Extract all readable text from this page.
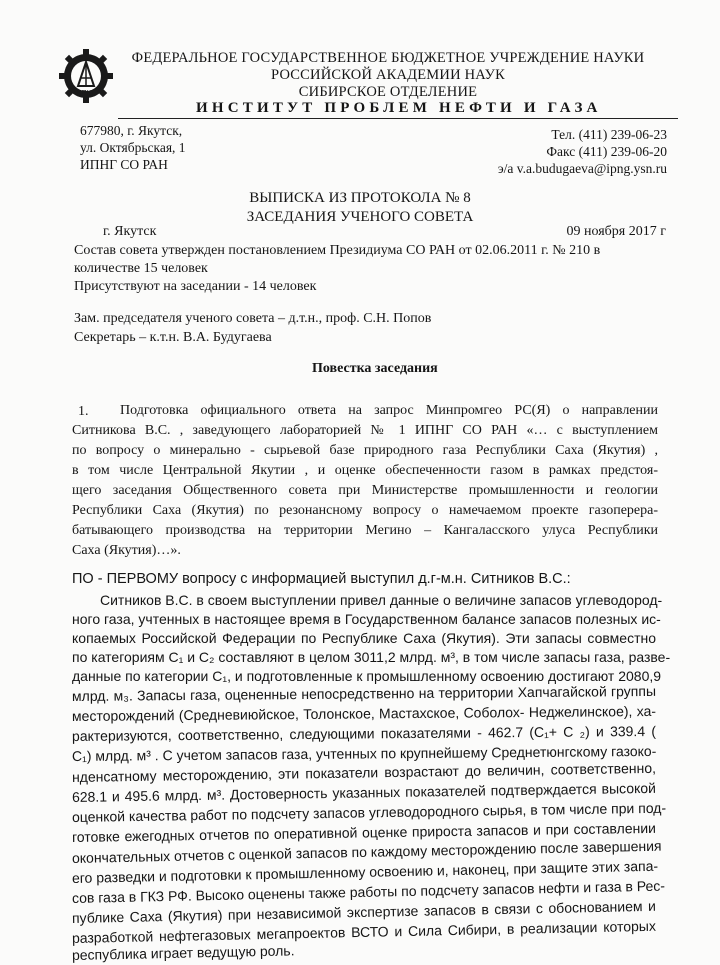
ИПНГ
ФЕДЕРАЛЬНОЕ ГОСУДАРСТВЕННОЕ БЮДЖЕТНОЕ УЧРЕЖДЕНИЕ НАУКИ
РОССИЙСКОЙ АКАДЕМИИ НАУК
СИБИРСКОЕ ОТДЕЛЕНИЕ
ИНСТИТУТ ПРОБЛЕМ НЕФТИ И ГАЗА
677980, г. Якутск,
ул. Октябрьская, 1
ИПНГ СО РАН
Тел. (411) 239-06-23
Факс (411) 239-06-20
э/а v.a.budugaeva@ipng.ysn.ru
ВЫПИСКА ИЗ ПРОТОКОЛА № 8
ЗАСЕДАНИЯ УЧЕНОГО СОВЕТА
г. Якутск	09 ноября 2017 г
Состав совета утвержден постановлением Президиума СО РАН от 02.06.2011 г. № 210 в
количестве 15 человек
Присутствуют на заседании - 14 человек
Зам. председателя ученого совета – д.т.н., проф. С.Н. Попов
Секретарь – к.т.н. В.А. Будугаева
Повестка заседания
1. Подготовка официального ответа на запрос Минпромгео РС(Я) о направлении
Ситникова В.С. , заведующего лабораторией № 1 ИПНГ СО РАН «… с выступлением
по вопросу о минерально - сырьевой базе природного газа Республики Саха (Якутия) ,
в том числе Центральной Якутии , и оценке обеспеченности газом в рамках предстоя-
щего заседания Общественного совета при Министерстве промышленности и геологии
Республики Саха (Якутия) по резонансному вопросу о намечаемом проекте газоперера-
батывающего производства на территории Мегино – Кангаласского улуса Республики
Саха (Якутия)…».
ПО - ПЕРВОМУ вопросу с информацией выступил д.г-м.н. Ситников В.С.:
Ситников В.С. в своем выступлении привел данные о величине запасов углеводород-
ного газа, учтенных в настоящее время в Государственном балансе запасов полезных ис-
копаемых Российской Федерации по Республике Саха (Якутия). Эти запасы совместно
по категориям С₁ и С₂ составляют в целом 3011,2 млрд. м³, в том числе запасы газа, разве-
данные по категории С₁, и подготовленные к промышленному освоению достигают 2080,9
млрд. м₃. Запасы газа, оцененные непосредственно на территории Хапчагайской группы
месторождений (Средневиюйское, Толонское, Мастахское, Соболох- Неджелинское), ха-
рактеризуются, соответственно, следующими показателями - 462.7 (С₁+ С ₂) и 339.4 (
С₁) млрд. м³ . С учетом запасов газа, учтенных по крупнейшему Среднетюнгскому газоко-
нденсатному месторождению, эти показатели возрастают до величин, соответственно,
628.1 и 495.6 млрд. м³. Достоверность указанных показателей подтверждается высокой
оценкой качества работ по подсчету запасов углеводородного сырья, в том числе при под-
готовке ежегодных отчетов по оперативной оценке прироста запасов и при составлении
окончательных отчетов с оценкой запасов по каждому месторождению после завершения
его разведки и подготовки к промышленному освоению и, наконец, при защите этих запа-
сов газа в ГКЗ РФ. Высоко оценены также работы по подсчету запасов нефти и газа в Рес-
публике Саха (Якутия) при независимой экспертизе запасов в связи с обоснованием и
разработкой нефтегазовых мегапроектов ВСТО и Сила Сибири, в реализации которых
республика играет ведущую роль.
